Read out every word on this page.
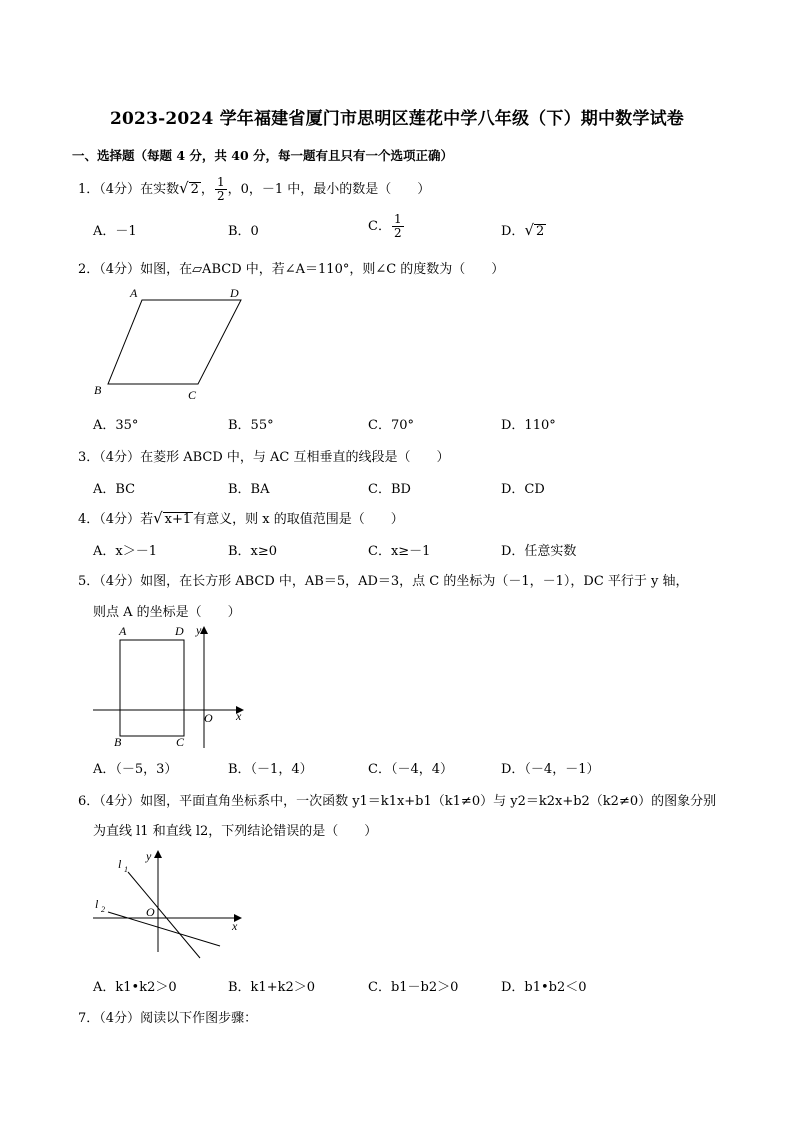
2023-2024 学年福建省厦门市思明区莲花中学八年级（下）期中数学试卷
一、选择题（每题 4 分，共 40 分，每一题有且只有一个选项正确）
1．（4分）在实数√ 2 ， $\frac{1}{2}$ ，0，－1 中，最小的数是（　　）
A．－1	B．0	C． $\frac{1}{2}$	D．√ 2
2．（4分）如图，在▱ABCD 中，若∠A＝110°，则∠C 的度数为（　　）
A	D
B	C
A．35°	B．55°	C．70°	D．110°
3．（4分）在菱形 ABCD 中，与 AC 互相垂直的线段是（　　）
A．BC	B．BA	C．BD	D．CD
4．（4分）若√ x+1 有意义，则 x 的取值范围是（　　）
A．x＞－1	B．x≥0	C．x≥－1	D．任意实数
5．（4分）如图，在长方形 ABCD 中，AB＝5，AD＝3，点 C 的坐标为（－1，－1），DC 平行于 y 轴，
则点 A 的坐标是（　　）
A	D y
O x
B	C
A．（－5，3）	B．（－1，4）	C．（－4，4）	D．（－4，－1）
6．（4分）如图，平面直角坐标系中，一次函数 y1＝k1x+b1（k1≠0）与 y2＝k2x+b2（k2≠0）的图象分别
为直线 l1 和直线 l2，下列结论错误的是（　　）
l 1
l 2
y
O
x
A．k1•k2＞0	B．k1+k2＞0	C．b1－b2＞0	D．b1•b2＜0
7．（4分）阅读以下作图步骤：
